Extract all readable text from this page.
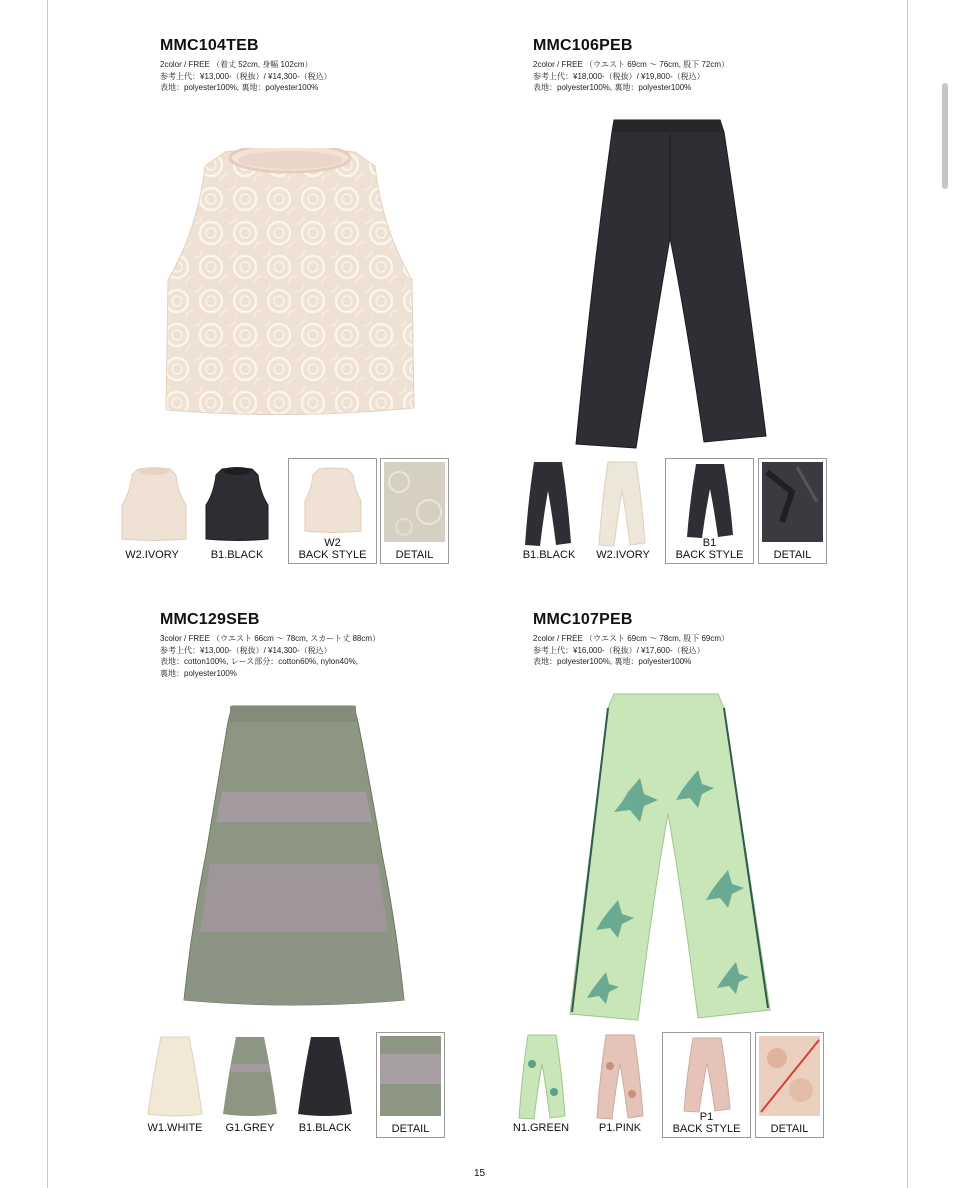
MMC104TEB
2color / FREE （着丈 52cm, 身幅 102cm）
参考上代：¥13,000-（税抜）/ ¥14,300-（税込）
表地：polyester100%, 裏地：polyester100%
W2.IVORY	B1.BLACK
W2
BACK STYLE	DETAIL
MMC106PEB
2color / FREE （ウエスト 69cm 〜 76cm, 股下 72cm）
参考上代：¥18,000-（税抜）/ ¥19,800-（税込）
表地：polyester100%, 裏地：polyester100%
B1.BLACK	W2.IVORY
B1
BACK STYLE	DETAIL
MMC129SEB
3color / FREE （ウエスト 66cm 〜 78cm, スカート丈 88cm）
参考上代：¥13,000-（税抜）/ ¥14,300-（税込）
表地：cotton100%, レース部分：cotton60%, nylon40%,
裏地：polyester100%
W1.WHITE	G1.GREY	B1.BLACK	DETAIL
MMC107PEB
2color / FREE （ウエスト 69cm 〜 78cm, 股下 69cm）
参考上代：¥16,000-（税抜）/ ¥17,600-（税込）
表地：polyester100%, 裏地：polyester100%
N1.GREEN	P1.PINK
P1
BACK STYLE	DETAIL
15
